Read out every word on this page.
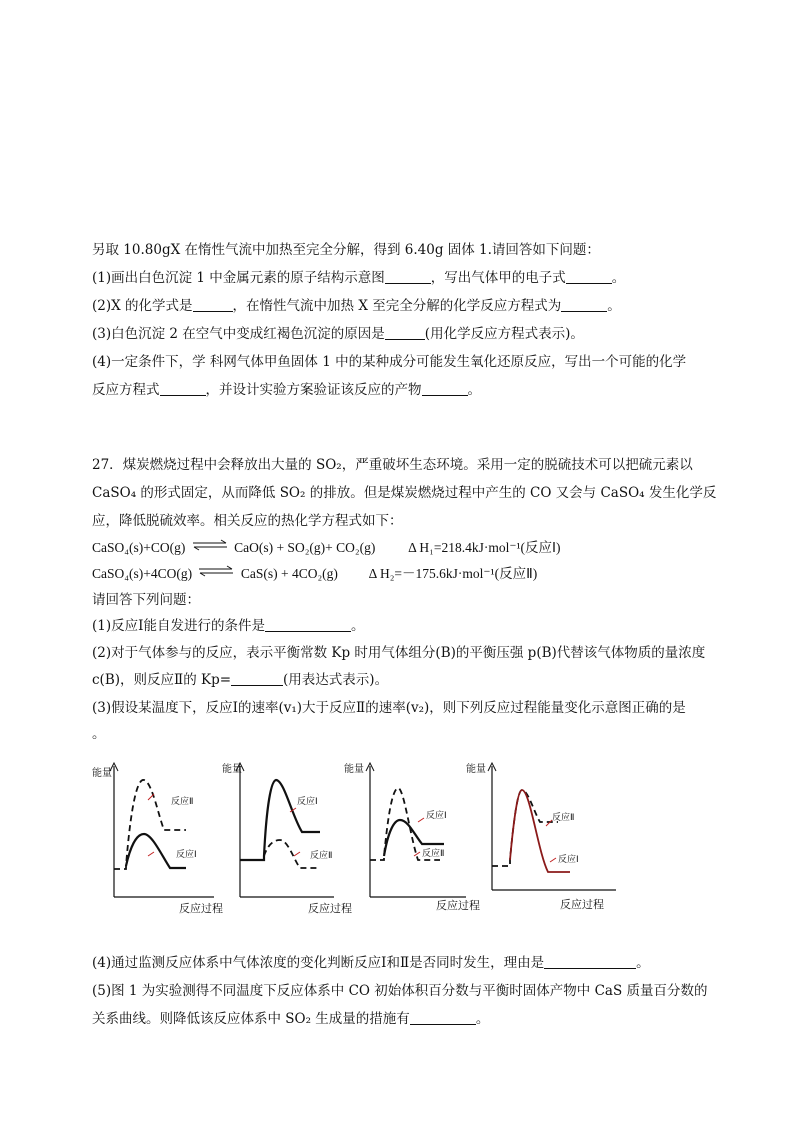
另取 10.80gX 在惰性气流中加热至完全分解，得到 6.40g 固体 1.请回答如下问题：
(1)画出白色沉淀 1 中金属元素的原子结构示意图	，写出气体甲的电子式	。
(2)X 的化学式是	，在惰性气流中加热 X 至完全分解的化学反应方程式为	。
(3)白色沉淀 2 在空气中变成红褐色沉淀的原因是	(用化学反应方程式表示)。
(4)一定条件下，学 科网气体甲鱼固体 1 中的某种成分可能发生氧化还原反应，写出一个可能的化学
反应方程式	，并设计实验方案验证该反应的产物	。
27．煤炭燃烧过程中会释放出大量的 SO₂，严重破坏生态环境。采用一定的脱硫技术可以把硫元素以
CaSO₄ 的形式固定，从而降低 SO₂ 的排放。但是煤炭燃烧过程中产生的 CO 又会与 CaSO₄ 发生化学反
应，降低脱硫效率。相关反应的热化学方程式如下：
CaSO₄(s)+CO(g) ⇌ CaO(s) + SO₂(g)+ CO₂(g) Δ H₁=218.4kJ·mol⁻¹(反应Ⅰ)
CaSO₄(s)+4CO(g) ⇌ CaS(s) + 4CO₂(g) Δ H₂=－175.6kJ·mol⁻¹(反应Ⅱ)
请回答下列问题：
(1)反应Ⅰ能自发进行的条件是	。
(2)对于气体参与的反应，表示平衡常数 Kp 时用气体组分(B)的平衡压强 p(B)代替该气体物质的量浓度
c(B)，则反应Ⅱ的 Kp=	(用表达式表示)。
(3)假设某温度下，反应Ⅰ的速率(v₁)大于反应Ⅱ的速率(v₂)，则下列反应过程能量变化示意图正确的是
。
能量
反应Ⅱ
反应Ⅰ
反应过程
能量
反应Ⅰ
反应Ⅱ
反应过程
能量
反应Ⅰ
反应Ⅱ
反应过程
能量
反应Ⅱ
反应Ⅰ
反应过程
(4)通过监测反应体系中气体浓度的变化判断反应Ⅰ和Ⅱ是否同时发生，理由是	。
(5)图 1 为实验测得不同温度下反应体系中 CO 初始体积百分数与平衡时固体产物中 CaS 质量百分数的
关系曲线。则降低该反应体系中 SO₂ 生成量的措施有	。
